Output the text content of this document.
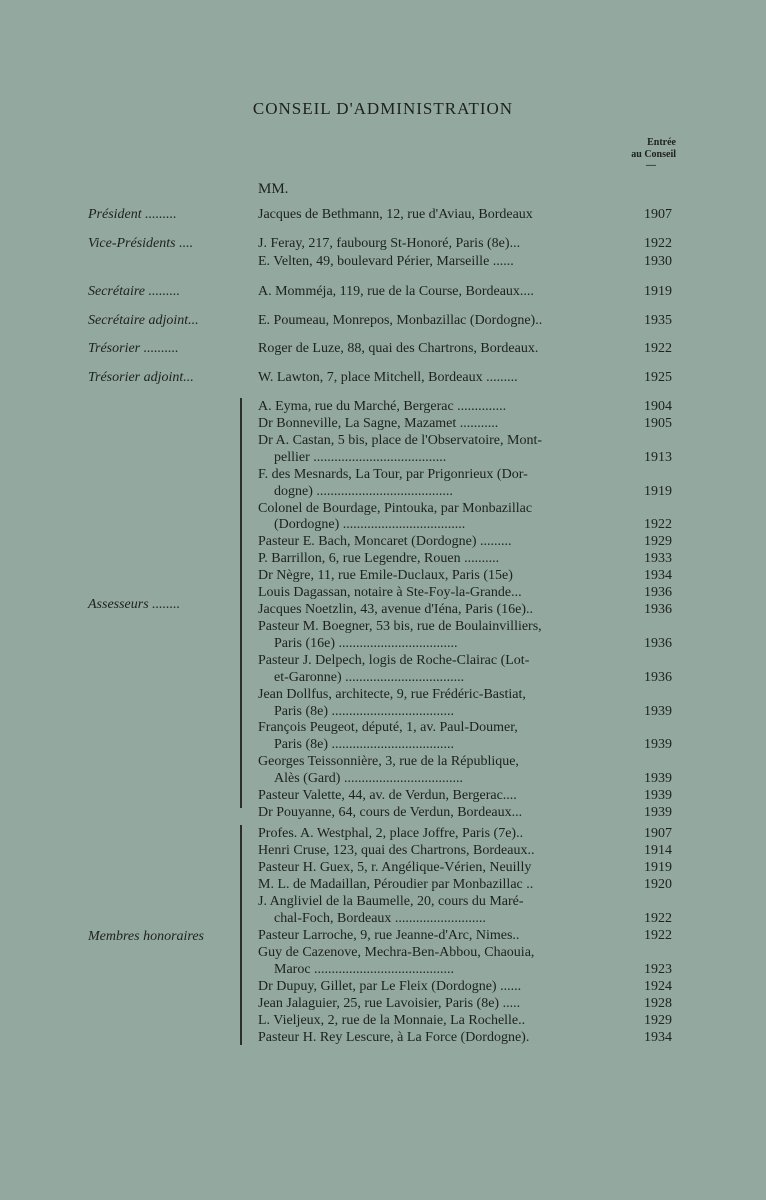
CONSEIL D'ADMINISTRATION
Entrée
au Conseil
—
MM.
Président .........	Jacques de Bethmann, 12, rue d'Aviau, Bordeaux	1907
Vice-Présidents ....	J. Feray, 217, faubourg St-Honoré, Paris (8e)...	1922
E. Velten, 49, boulevard Périer, Marseille ......	1930
Secrétaire .........	A. Momméja, 119, rue de la Course, Bordeaux....	1919
Secrétaire adjoint...	E. Poumeau, Monrepos, Monbazillac (Dordogne)..	1935
Trésorier ..........	Roger de Luze, 88, quai des Chartrons, Bordeaux.	1922
Trésorier adjoint...	W. Lawton, 7, place Mitchell, Bordeaux .........	1925
Assesseurs ........
A. Eyma, rue du Marché, Bergerac ..............	1904
Dr Bonneville, La Sagne, Mazamet ...........	1905
Dr A. Castan, 5 bis, place de l'Observatoire, Mont-
pellier ......................................	1913
F. des Mesnards, La Tour, par Prigonrieux (Dor-
dogne) .......................................	1919
Colonel de Bourdage, Pintouka, par Monbazillac
(Dordogne) ...................................	1922
Pasteur E. Bach, Moncaret (Dordogne) .........	1929
P. Barrillon, 6, rue Legendre, Rouen ..........	1933
Dr Nègre, 11, rue Emile-Duclaux, Paris (15e)	1934
Louis Dagassan, notaire à Ste-Foy-la-Grande...	1936
Jacques Noetzlin, 43, avenue d'Iéna, Paris (16e)..	1936
Pasteur M. Boegner, 53 bis, rue de Boulainvilliers,
Paris (16e) ..................................	1936
Pasteur J. Delpech, logis de Roche-Clairac (Lot-
et-Garonne) ..................................	1936
Jean Dollfus, architecte, 9, rue Frédéric-Bastiat,
Paris (8e) ...................................	1939
François Peugeot, député, 1, av. Paul-Doumer,
Paris (8e) ...................................	1939
Georges Teissonnière, 3, rue de la République,
Alès (Gard) ..................................	1939
Pasteur Valette, 44, av. de Verdun, Bergerac....	1939
Dr Pouyanne, 64, cours de Verdun, Bordeaux...	1939
Membres honoraires
Profes. A. Westphal, 2, place Joffre, Paris (7e)..	1907
Henri Cruse, 123, quai des Chartrons, Bordeaux..	1914
Pasteur H. Guex, 5, r. Angélique-Vérien, Neuilly	1919
M. L. de Madaillan, Péroudier par Monbazillac ..	1920
J. Angliviel de la Baumelle, 20, cours du Maré-
chal-Foch, Bordeaux ..........................	1922
Pasteur Larroche, 9, rue Jeanne-d'Arc, Nimes..	1922
Guy de Cazenove, Mechra-Ben-Abbou, Chaouia,
Maroc ........................................	1923
Dr Dupuy, Gillet, par Le Fleix (Dordogne) ......	1924
Jean Jalaguier, 25, rue Lavoisier, Paris (8e) .....	1928
L. Vieljeux, 2, rue de la Monnaie, La Rochelle..	1929
Pasteur H. Rey Lescure, à La Force (Dordogne).	1934
